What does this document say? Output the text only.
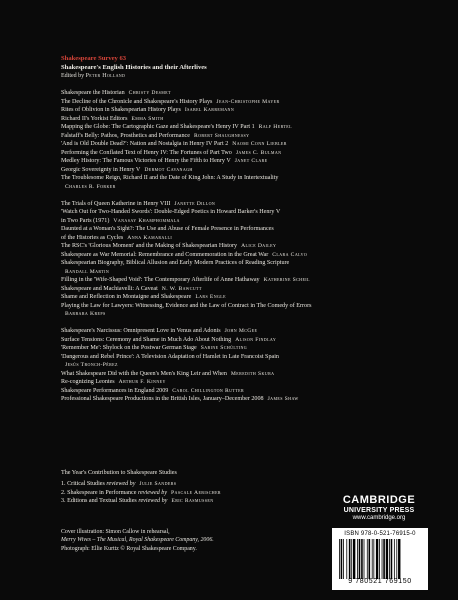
Shakespeare Survey 63
Shakespeare's English Histories and their Afterlives
Edited by Peter Holland
Shakespeare the Historian Christy Desmet
The Decline of the Chronicle and Shakespeare's History Plays Jean-Christophe Mayer
Rites of Oblivion in Shakespearian History Plays Isabel Karremann
Richard II's Yorkist Editors Emma Smith
Mapping the Globe: The Cartographic Gaze and Shakespeare's Henry IV Part 1 Ralf Hertel
Falstaff's Belly: Pathos, Prosthetics and Performance Robert Shaughnessy
'And is Old Double Dead?': Nation and Nostalgia in Henry IV Part 2 Naomi Conn Liebler
Performing the Conflated Text of Henry IV: The Fortunes of Part Two James C. Bulman
Medley History: The Famous Victories of Henry the Fifth to Henry V Janet Clare
Georgic Sovereignty in Henry V Dermot Cavanagh
The Troublesome Reign, Richard II and the Date of King John: A Study in Intertextuality
Charles R. Forker
The Trials of Queen Katherine in Henry VIII Janette Dillon
'Watch Out for Two-Handed Swords': Double-Edged Poetics in Howard Barker's Henry V
in Two Parts (1971) Vanasay Khamphommala
Daunted at a Woman's Sight?: The Use and Abuse of Female Presence in Performances
of the Histories as Cycles Anna Kamaralli
The RSC's 'Glorious Moment' and the Making of Shakespearian History Alice Dailey
Shakespeare as War Memorial: Remembrance and Commemoration in the Great War Clara Calvo
Shakespearian Biography, Biblical Allusion and Early Modern Practices of Reading Scripture
Randall Martin
Filling in the 'Wife-Shaped Void': The Contemporary Afterlife of Anne Hathaway Katherine Scheil
Shakespeare and Machiavelli: A Caveat N. W. Bawcutt
Shame and Reflection in Montaigne and Shakespeare Lars Engle
Playing the Law for Lawyers: Witnessing, Evidence and the Law of Contract in The Comedy of Errors
Barbara Kreps
Shakespeare's Narcissus: Omnipresent Love in Venus and Adonis John McGee
Surface Tensions: Ceremony and Shame in Much Ado About Nothing Alison Findlay
'Remember Me': Shylock on the Postwar German Stage Sabine Schülting
'Dangerous and Rebel Prince': A Television Adaptation of Hamlet in Late Francoist Spain
Jesús Tronch-Pérez
What Shakespeare Did with the Queen's Men's King Leir and When Meredith Skura
Re-cognizing Leontes Arthur F. Kinney
Shakespeare Performances in England 2009 Carol Chillington Rutter
Professional Shakespeare Productions in the British Isles, January–December 2008 James Shaw
The Year's Contribution to Shakespeare Studies
1. Critical Studies reviewed by Julie Sanders
2. Shakespeare in Performance reviewed by Pascale Aebischer
3. Editions and Textual Studies reviewed by Eric Rasmussen
Cover illustration: Simon Callow in rehearsal,
Merry Wives – The Musical, Royal Shakespeare Company, 2006.
Photograph: Ellie Kurttz © Royal Shakespeare Company.
CAMBRIDGE
UNIVERSITY PRESS
www.cambridge.org
ISBN 978-0-521-76915-0
9 780521 769150
